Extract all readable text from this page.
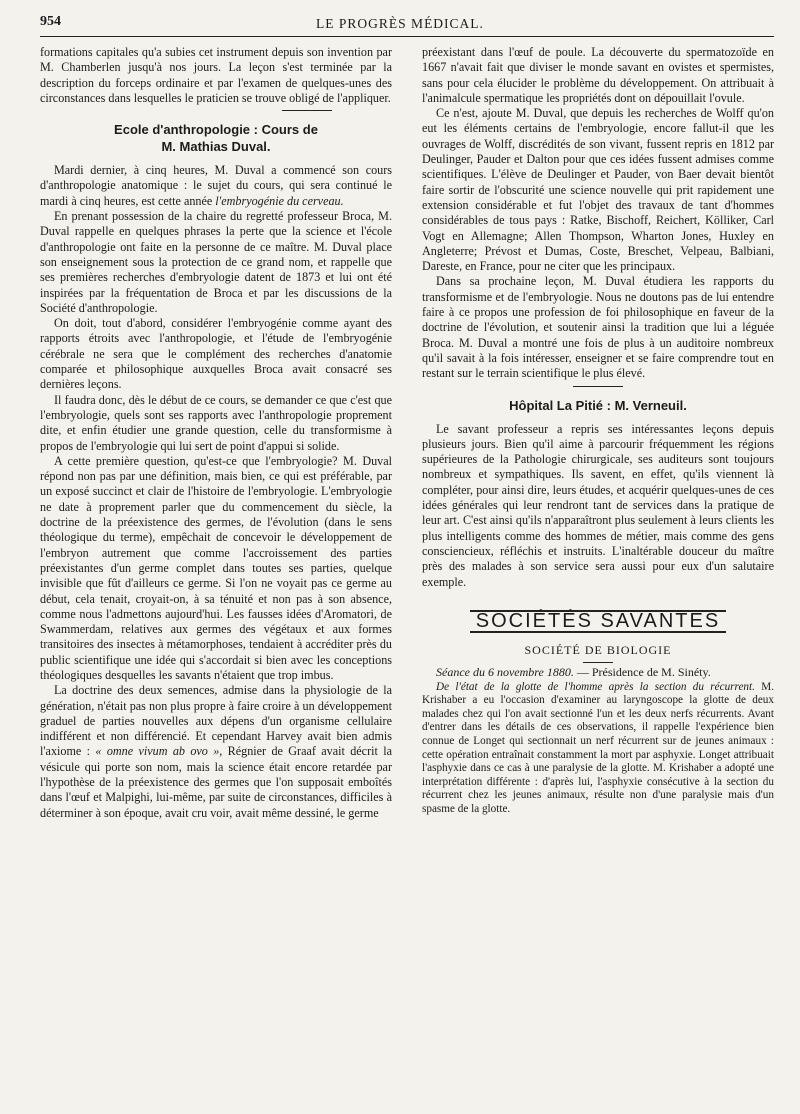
954	LE PROGRÈS MÉDICAL.

formations capitales qu'a subies cet instrument depuis son invention par M. Chamberlen jusqu'à nos jours. La leçon s'est terminée par la description du forceps ordinaire et par l'examen de quelques-unes des circonstances dans lesquelles le praticien se trouve obligé de l'appliquer.

Ecole d'anthropologie : Cours de
M. Mathias Duval.

Mardi dernier, à cinq heures, M. Duval a commencé son cours d'anthropologie anatomique : le sujet du cours, qui sera continué le mardi à cinq heures, est cette année l'embryogénie du cerveau.

En prenant possession de la chaire du regretté professeur Broca, M. Duval rappelle en quelques phrases la perte que la science et l'école d'anthropologie ont faite en la personne de ce maître. M. Duval place son enseignement sous la protection de ce grand nom, et rappelle que ses premières recherches d'embryologie datent de 1873 et lui ont été inspirées par la fréquentation de Broca et par les discussions de la Société d'anthropologie.

On doit, tout d'abord, considérer l'embryogénie comme ayant des rapports étroits avec l'anthropologie, et l'étude de l'embryogénie cérébrale ne sera que le complément des recherches d'anatomie comparée et philosophique auxquelles Broca avait consacré ses dernières leçons.

Il faudra donc, dès le début de ce cours, se demander ce que c'est que l'embryologie, quels sont ses rapports avec l'anthropologie proprement dite, et enfin étudier une grande question, celle du transformisme à propos de l'embryologie qui lui sert de point d'appui si solide.

A cette première question, qu'est-ce que l'embryologie? M. Duval répond non pas par une définition, mais bien, ce qui est préférable, par un exposé succinct et clair de l'histoire de l'embryologie. L'embryologie ne date à proprement parler que du commencement du siècle, la doctrine de la préexistence des germes, de l'évolution (dans le sens théologique du terme), empêchait de concevoir le développement de l'embryon autrement que comme l'accroissement des parties préexistantes d'un germe complet dans toutes ses parties, quelque invisible que fût d'ailleurs ce germe. Si l'on ne voyait pas ce germe au début, cela tenait, croyait-on, à sa ténuité et non pas à son absence, comme nous l'admettons aujourd'hui. Les fausses idées d'Aromatori, de Swammerdam, relatives aux germes des végétaux et aux formes transitoires des insectes à métamorphoses, tendaient à accréditer près du public scientifique une idée qui s'accordait si bien avec les conceptions théologiques desquelles les savants n'étaient que trop imbus.

La doctrine des deux semences, admise dans la physiologie de la génération, n'était pas non plus propre à faire croire à un développement graduel de parties nouvelles aux dépens d'un organisme cellulaire indifférent et non différencié. Et cependant Harvey avait bien admis l'axiome : « omne vivum ab ovo », Régnier de Graaf avait décrit la vésicule qui porte son nom, mais la science était encore retardée par l'hypothèse de la préexistence des germes que l'on supposait emboîtés dans l'œuf et Malpighi, lui-même, par suite de circonstances, difficiles à déterminer à son époque, avait cru voir, avait même dessiné, le germe

préexistant dans l'œuf de poule. La découverte du spermatozoïde en 1667 n'avait fait que diviser le monde savant en ovistes et spermistes, sans pour cela élucider le problème du développement. On attribuait à l'animalcule spermatique les propriétés dont on dépouillait l'ovule.

Ce n'est, ajoute M. Duval, que depuis les recherches de Wolff qu'on eut les éléments certains de l'embryologie, encore fallut-il que les ouvrages de Wolff, discrédités de son vivant, fussent repris en 1812 par Deulinger, Pauder et Dalton pour que ces idées fussent admises comme scientifiques. L'élève de Deulinger et Pauder, von Baer devait bientôt faire sortir de l'obscurité une science nouvelle qui prit rapidement une extension considérable et fut l'objet des travaux de tant d'hommes considérables de tous pays : Ratke, Bischoff, Reichert, Kölliker, Carl Vogt en Allemagne; Allen Thompson, Wharton Jones, Huxley en Angleterre; Prévost et Dumas, Coste, Breschet, Velpeau, Balbiani, Dareste, en France, pour ne citer que les principaux.

Dans sa prochaine leçon, M. Duval étudiera les rapports du transformisme et de l'embryologie. Nous ne doutons pas de lui entendre faire à ce propos une profession de foi philosophique en faveur de la doctrine de l'évolution, et soutenir ainsi la tradition que lui a léguée Broca. M. Duval a montré une fois de plus à un auditoire nombreux qu'il savait à la fois intéresser, enseigner et se faire comprendre tout en restant sur le terrain scientifique le plus élevé.

Hôpital La Pitié : M. Verneuil.

Le savant professeur a repris ses intéressantes leçons depuis plusieurs jours. Bien qu'il aime à parcourir fréquemment les régions supérieures de la Pathologie chirurgicale, ses auditeurs sont toujours nombreux et sympathiques. Ils savent, en effet, qu'ils viennent là compléter, pour ainsi dire, leurs études, et acquérir quelques-unes de ces idées générales qui leur rendront tant de services dans la pratique de leur art. C'est ainsi qu'ils n'apparaîtront plus seulement à leurs clients les plus intelligents comme des hommes de métier, mais comme des gens consciencieux, réfléchis et instruits. L'inaltérable douceur du maître près des malades à son service sera aussi pour eux d'un salutaire exemple.

SOCIÉTÉS SAVANTES
SOCIÉTÉ DE BIOLOGIE

Séance du 6 novembre 1880. — Présidence de M. Sinéty.

De l'état de la glotte de l'homme après la section du récurrent. M. Krishaber a eu l'occasion d'examiner au laryngoscope la glotte de deux malades chez qui l'on avait sectionné l'un et les deux nerfs récurrents. Avant d'entrer dans les détails de ces observations, il rappelle l'expérience bien connue de Longet qui sectionnait un nerf récurrent sur de jeunes animaux : cette opération entraînait constamment la mort par asphyxie. Longet attribuait l'asphyxie dans ce cas à une paralysie de la glotte. M. Krishaber a adopté une interprétation différente : d'après lui, l'asphyxie consécutive à la section du récurrent chez les jeunes animaux, résulte non d'une paralysie mais d'un spasme de la glotte.
